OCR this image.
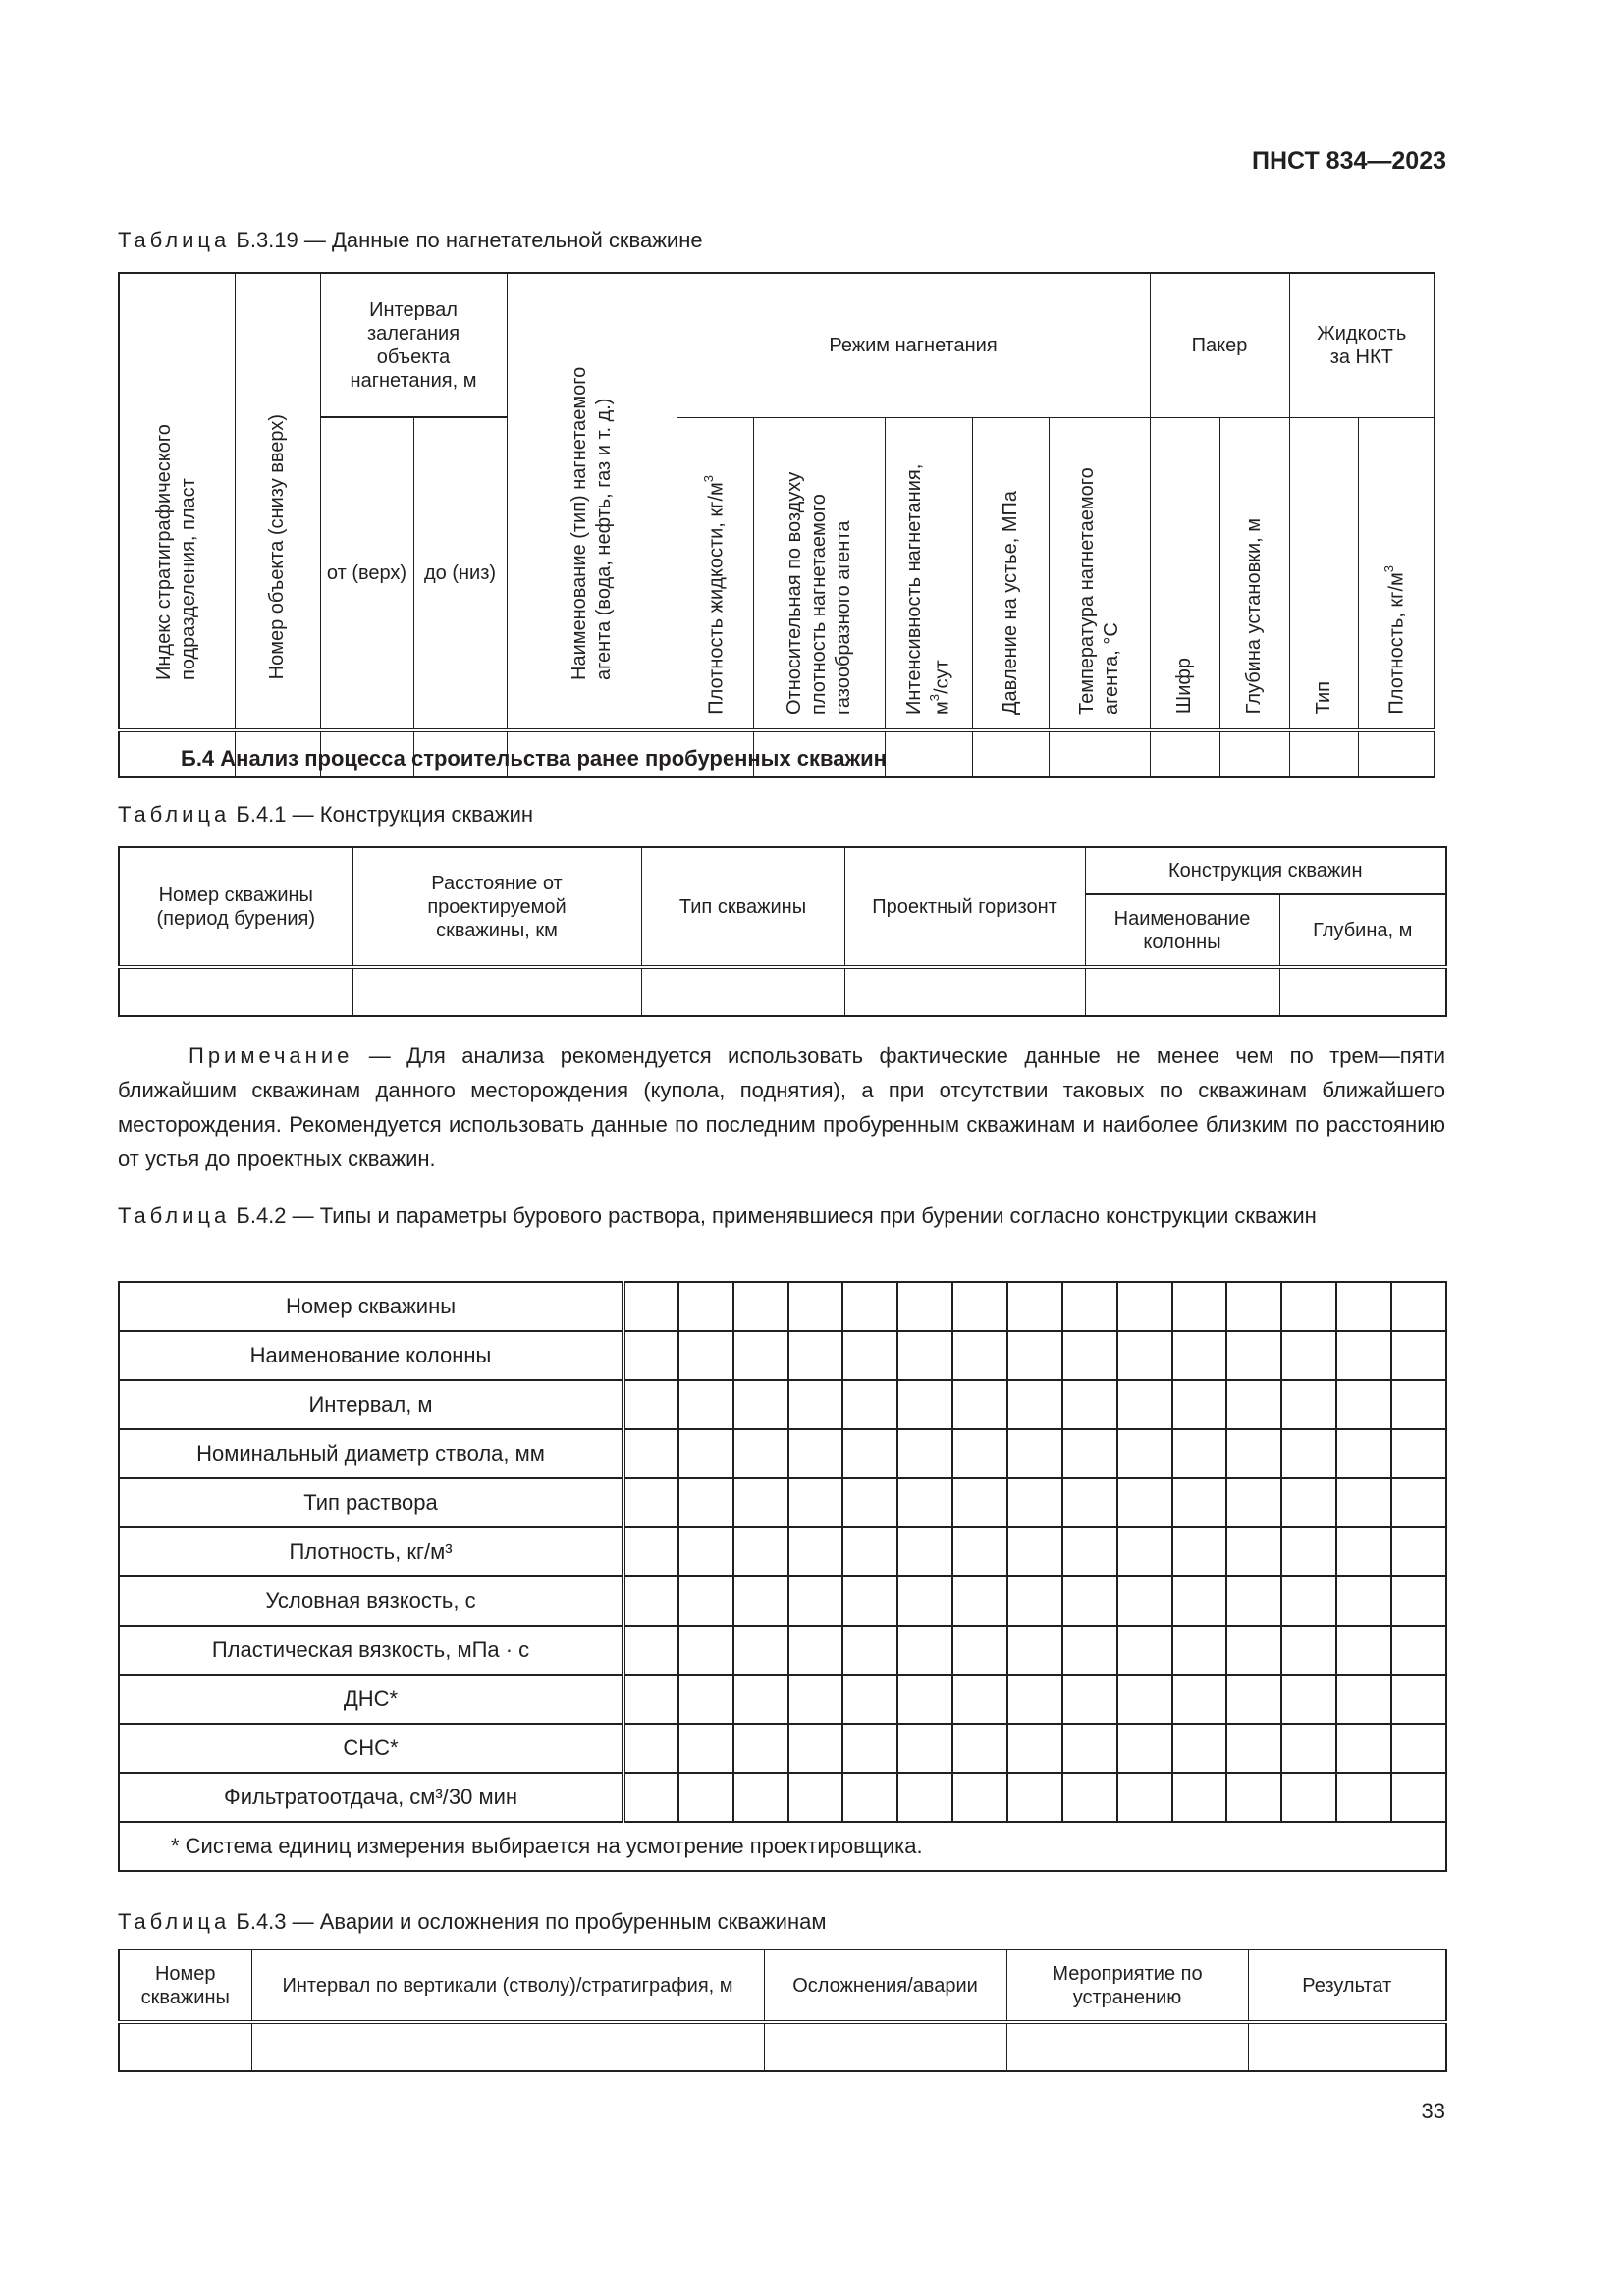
ПНСТ 834—2023
Таблица Б.3.19 — Данные по нагнетательной скважине
Индекс стратиграфического подразделения, пласт	Номер объекта (снизу вверх)	Интервал залегания объекта нагнетания, м		Наименование (тип) нагнетаемого агента (вода, нефть, газ и т. д.)	Режим нагнетания					Пакер		Жидкость за НКТ	
		от (верх)	до (низ)		Плотность жидкости, $кг/м^3$	Относительная по воздуху плотность нагнетаемого газообразного агента	Интенсивность нагнетания, $м^3$/сут	Давление на устье, МПа	Температура нагнетаемого агента, °С	Шифр	Глубина установки, м	Тип	Плотность, $кг/м^3$

Б.4 Анализ процесса строительства ранее пробуренных скважин
Таблица Б.4.1 — Конструкция скважин
Номер скважины (период бурения)	Расстояние от проектируемой скважины, км	Тип скважины	Проектный горизонт	Конструкция скважин	
				Наименование колонны	Глубина, м

Примечание — Для анализа рекомендуется использовать фактические данные не менее чем по трем—пяти ближайшим скважинам данного месторождения (купола, поднятия), а при отсутствии таковых по скважинам ближайшего месторождения. Рекомендуется использовать данные по последним пробуренным скважинам и наиболее близким по расстоянию от устья до проектных скважин.
Таблица Б.4.2 — Типы и параметры бурового раствора, применявшиеся при бурении согласно конструкции скважин
Номер скважины															
Наименование колонны															
Интервал, м															
Номинальный диаметр ствола, мм															
Тип раствора															
Плотность, кг/м³															
Условная вязкость, с															
Пластическая вязкость, мПа · с															
ДНС*															
СНС*															
Фильтратоотдача, см³/30 мин															
* Система единиц измерения выбирается на усмотрение проектировщика.															
Таблица Б.4.3 — Аварии и осложнения по пробуренным скважинам
Номер скважины	Интервал по вертикали (стволу)/стратиграфия, м	Осложнения/аварии	Мероприятие по устранению	Результат

33
